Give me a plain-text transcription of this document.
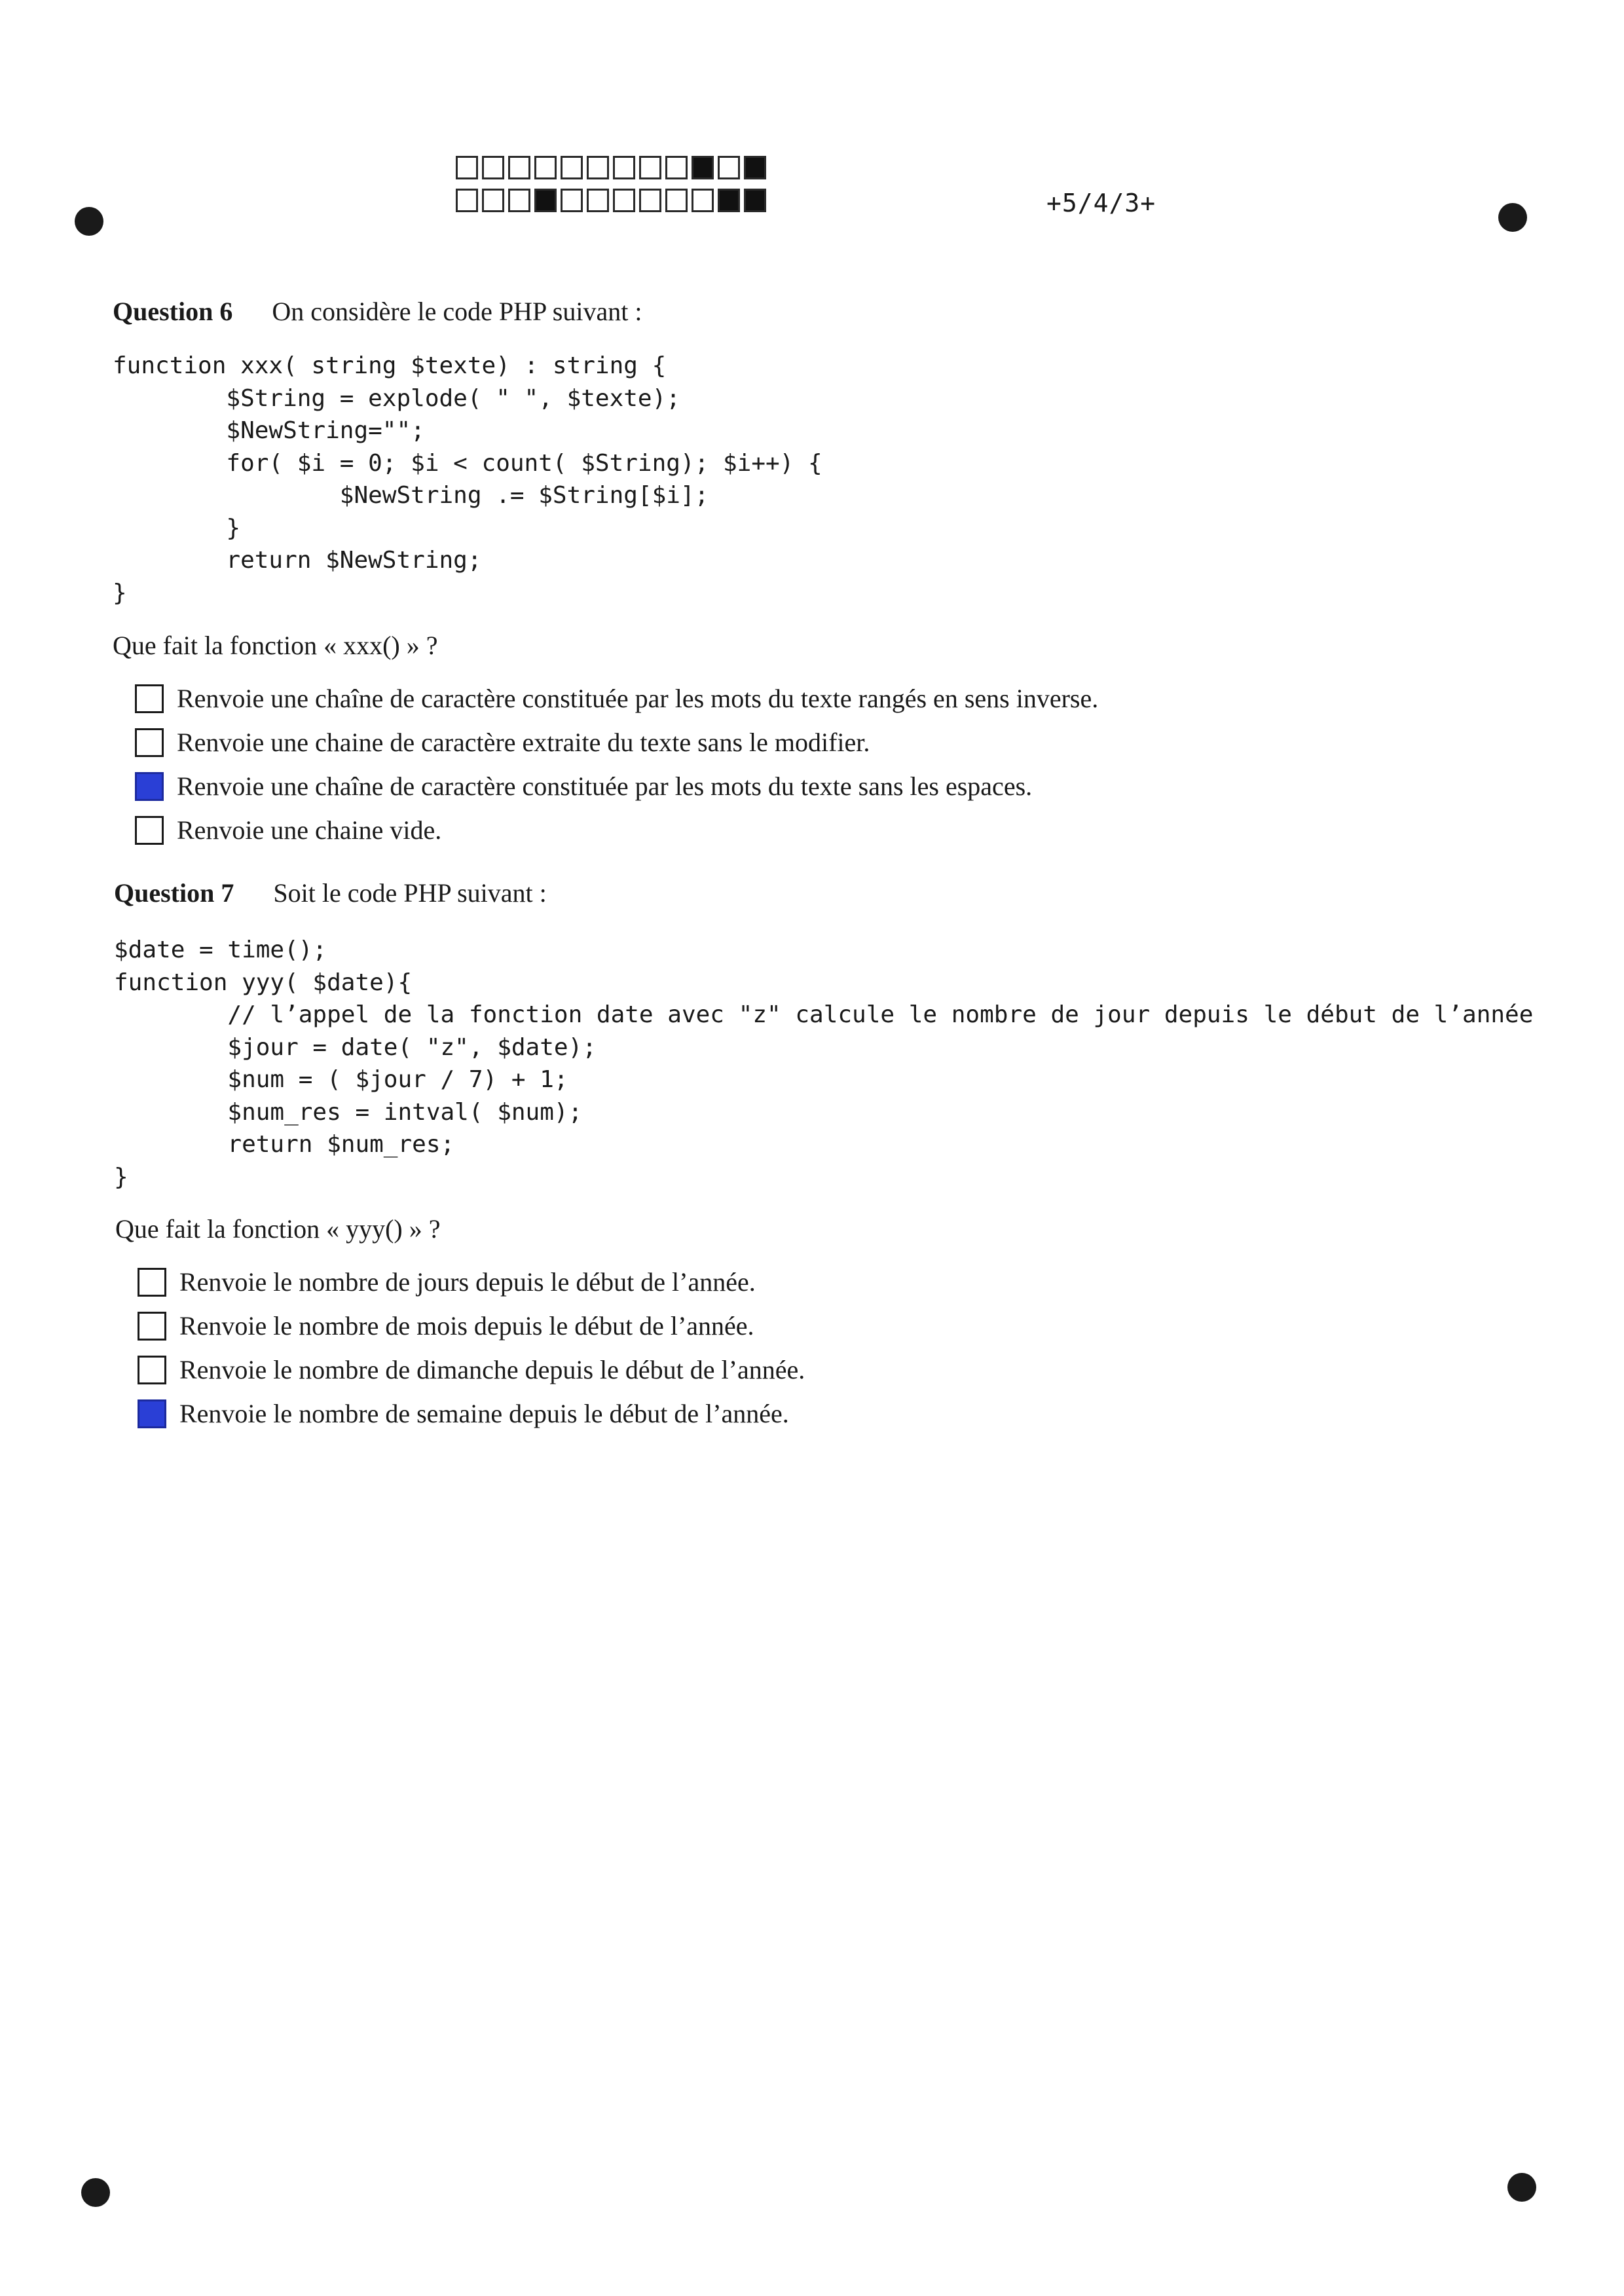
+5/4/3+
Question 6 On considère le code PHP suivant :
function xxx( string $texte) : string {
$String = explode( " ", $texte);
$NewString="";
for( $i = 0; $i < count( $String); $i++) {
$NewString .= $String[$i];
}
return $NewString;
}
Que fait la fonction « xxx() » ?
Renvoie une chaîne de caractère constituée par les mots du texte rangés en sens inverse.
Renvoie une chaine de caractère extraite du texte sans le modifier.
Renvoie une chaîne de caractère constituée par les mots du texte sans les espaces.
Renvoie une chaine vide.
Question 7 Soit le code PHP suivant :
$date = time();
function yyy( $date){
// l’appel de la fonction date avec "z" calcule le nombre de jour depuis le début de l’année
$jour = date( "z", $date);
$num = ( $jour / 7) + 1;
$num_res = intval( $num);
return $num_res;
}
Que fait la fonction « yyy() » ?
Renvoie le nombre de jours depuis le début de l’année.
Renvoie le nombre de mois depuis le début de l’année.
Renvoie le nombre de dimanche depuis le début de l’année.
Renvoie le nombre de semaine depuis le début de l’année.
